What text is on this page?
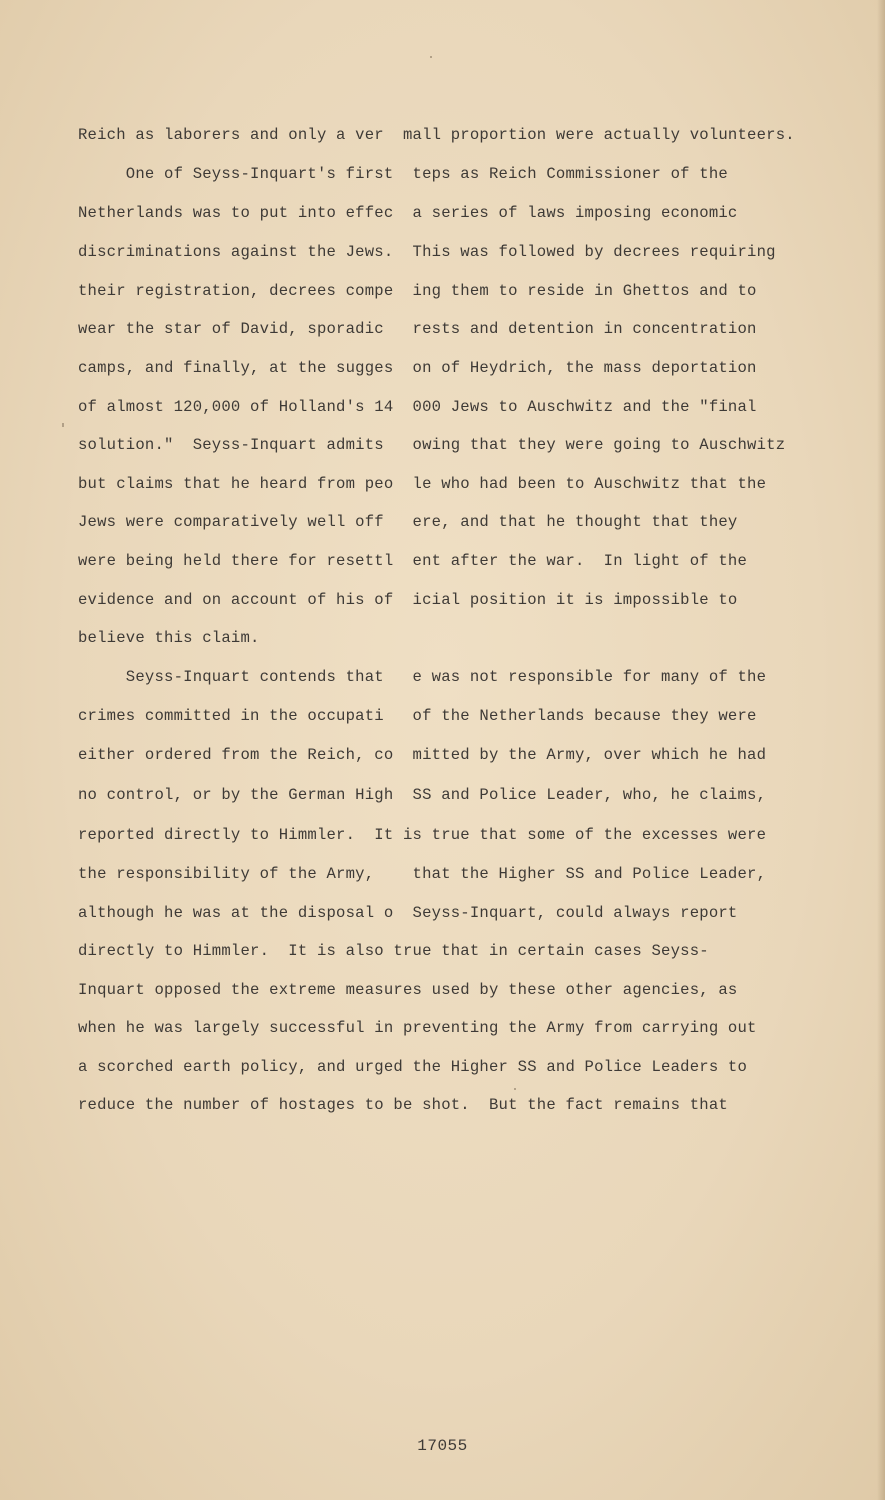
Reich as laborers and only a ver  mall proportion were actually volunteers.
One of Seyss-Inquart's first  teps as Reich Commissioner of the
Netherlands was to put into effec  a series of laws imposing economic
discriminations against the Jews.  This was followed by decrees requiring
their registration, decrees compe  ing them to reside in Ghettos and to
wear the star of David, sporadic   rests and detention in concentration
camps, and finally, at the sugges  on of Heydrich, the mass deportation
of almost 120,000 of Holland's 14  000 Jews to Auschwitz and the "final
solution."  Seyss-Inquart admits   owing that they were going to Auschwitz
but claims that he heard from peo  le who had been to Auschwitz that the
Jews were comparatively well off   ere, and that he thought that they
were being held there for resettl  ent after the war.  In light of the
evidence and on account of his of  icial position it is impossible to
believe this claim.
Seyss-Inquart contends that   e was not responsible for many of the
crimes committed in the occupati   of the Netherlands because they were
either ordered from the Reich, co  mitted by the Army, over which he had
no control, or by the German High  SS and Police Leader, who, he claims,
reported directly to Himmler.  It is true that some of the excesses were
the responsibility of the Army,    that the Higher SS and Police Leader,
although he was at the disposal o  Seyss-Inquart, could always report
directly to Himmler.  It is also true that in certain cases Seyss-
Inquart opposed the extreme measures used by these other agencies, as
when he was largely successful in preventing the Army from carrying out
a scorched earth policy, and urged the Higher SS and Police Leaders to
reduce the number of hostages to be shot.  But the fact remains that
17055
